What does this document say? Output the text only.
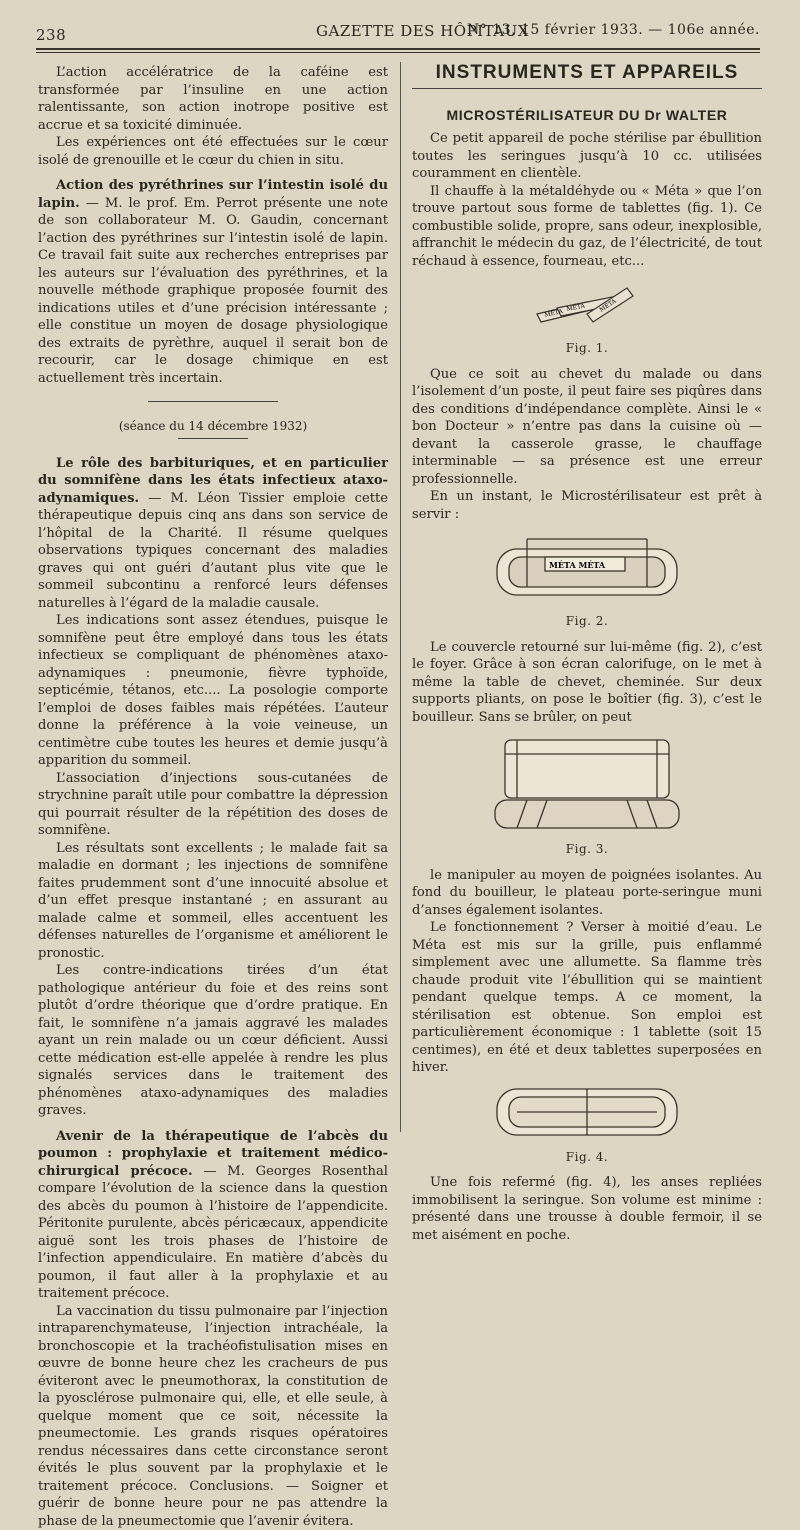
238	GAZETTE DES HÔPITAUX
N° 13, 15 février 1933. — 106e année.

L’action accélératrice de la caféine est transformée par l’insuline en une action ralentissante, son action inotrope positive est accrue et sa toxicité diminuée.

Les expériences ont été effectuées sur le cœur isolé de grenouille et le cœur du chien in situ.

Action des pyréthrines sur l’intestin isolé du lapin. — M. le prof. Em. Perrot présente une note de son collaborateur M. O. Gaudin, concernant l’action des pyréthrines sur l’intestin isolé de lapin. Ce travail fait suite aux recherches entreprises par les auteurs sur l’évaluation des pyréthrines, et la nouvelle méthode graphique proposée fournit des indications utiles et d’une précision intéressante ; elle constitue un moyen de dosage physiologique des extraits de pyrèthre, auquel il serait bon de recourir, car le dosage chimique en est actuellement très incertain.

(séance du 14 décembre 1932)

Le rôle des barbituriques, et en particulier du somnifène dans les états infectieux ataxo-adynamiques. — M. Léon Tissier emploie cette thérapeutique depuis cinq ans dans son service de l’hôpital de la Charité. Il résume quelques observations typiques concernant des maladies graves qui ont guéri d’autant plus vite que le sommeil subcontinu a renforcé leurs défenses naturelles à l’égard de la maladie causale.

Les indications sont assez étendues, puisque le somnifène peut être employé dans tous les états infectieux se compliquant de phénomènes ataxo-adynamiques : pneumonie, fièvre typhoïde, septicémie, tétanos, etc.... La posologie comporte l’emploi de doses faibles mais répétées. L’auteur donne la préférence à la voie veineuse, un centimètre cube toutes les heures et demie jusqu’à apparition du sommeil.

L’association d’injections sous-cutanées de strychnine paraît utile pour combattre la dépression qui pourrait résulter de la répétition des doses de somnifène.

Les résultats sont excellents ; le malade fait sa maladie en dormant ; les injections de somnifène faites prudemment sont d’une innocuité absolue et d’un effet presque instantané ; en assurant au malade calme et sommeil, elles accentuent les défenses naturelles de l’organisme et améliorent le pronostic.

Les contre-indications tirées d’un état pathologique antérieur du foie et des reins sont plutôt d’ordre théorique que d’ordre pratique. En fait, le somnifène n’a jamais aggravé les malades ayant un rein malade ou un cœur déficient. Aussi cette médication est-elle appelée à rendre les plus signalés services dans le traitement des phénomènes ataxo-adynamiques des maladies graves.

Avenir de la thérapeutique de l’abcès du poumon : prophylaxie et traitement médico-chirurgical précoce. — M. Georges Rosenthal compare l’évolution de la science dans la question des abcès du poumon à l’histoire de l’appendicite. Péritonite purulente, abcès péricæcaux, appendicite aiguë sont les trois phases de l’histoire de l’infection appendiculaire. En matière d’abcès du poumon, il faut aller à la prophylaxie et au traitement précoce.

La vaccination du tissu pulmonaire par l’injection intraparenchymateuse, l’injection intrachéale, la bronchoscopie et la trachéofistulisation mises en œuvre de bonne heure chez les cracheurs de pus éviteront avec le pneumothorax, la constitution de la pyosclérose pulmonaire qui, elle, et elle seule, à quelque moment que ce soit, nécessite la pneumectomie. Les grands risques opératoires rendus nécessaires dans cette circonstance seront évités le plus souvent par la prophylaxie et le traitement précoce. Conclusions. — Soigner et guérir de bonne heure pour ne pas attendre la phase de la pneumectomie que l’avenir évitera.

INSTRUMENTS ET APPAREILS

MICROSTÉRILISATEUR DU Dr WALTER

Ce petit appareil de poche stérilise par ébullition toutes les seringues jusqu’à 10 cc. utilisées couramment en clientèle.

Il chauffe à la métaldéhyde ou « Méta » que l’on trouve partout sous forme de tablettes (fig. 1). Ce combustible solide, propre, sans odeur, inexplosible, affranchit le médecin du gaz, de l’électricité, de tout réchaud à essence, fourneau, etc...

MÉTA
MÉTA MÉTA

Fig. 1.

Que ce soit au chevet du malade ou dans l’isolement d’un poste, il peut faire ses piqûres dans des conditions d’indépendance complète. Ainsi le « bon Docteur » n’entre pas dans la cuisine où — devant la casserole grasse, le chauffage interminable — sa présence est une erreur professionnelle.

En un instant, le Microstérilisateur est prêt à servir :

MÉTA MÉTA

Fig. 2.

Le couvercle retourné sur lui-même (fig. 2), c’est le foyer. Grâce à son écran calorifuge, on le met à même la table de chevet, cheminée. Sur deux supports pliants, on pose le boîtier (fig. 3), c’est le bouilleur. Sans se brûler, on peut

Fig. 3.

le manipuler au moyen de poignées isolantes. Au fond du bouilleur, le plateau porte-seringue muni d’anses également isolantes.

Le fonctionnement ? Verser à moitié d’eau. Le Méta est mis sur la grille, puis enflammé simplement avec une allumette. Sa flamme très chaude produit vite l’ébullition qui se maintient pendant quelque temps. A ce moment, la stérilisation est obtenue. Son emploi est particulièrement économique : 1 tablette (soit 15 centimes), en été et deux tablettes superposées en hiver.

Fig. 4.

Une fois refermé (fig. 4), les anses repliées immobilisent la seringue. Son volume est minime : présenté dans une trousse à double fermoir, il se met aisément en poche.
